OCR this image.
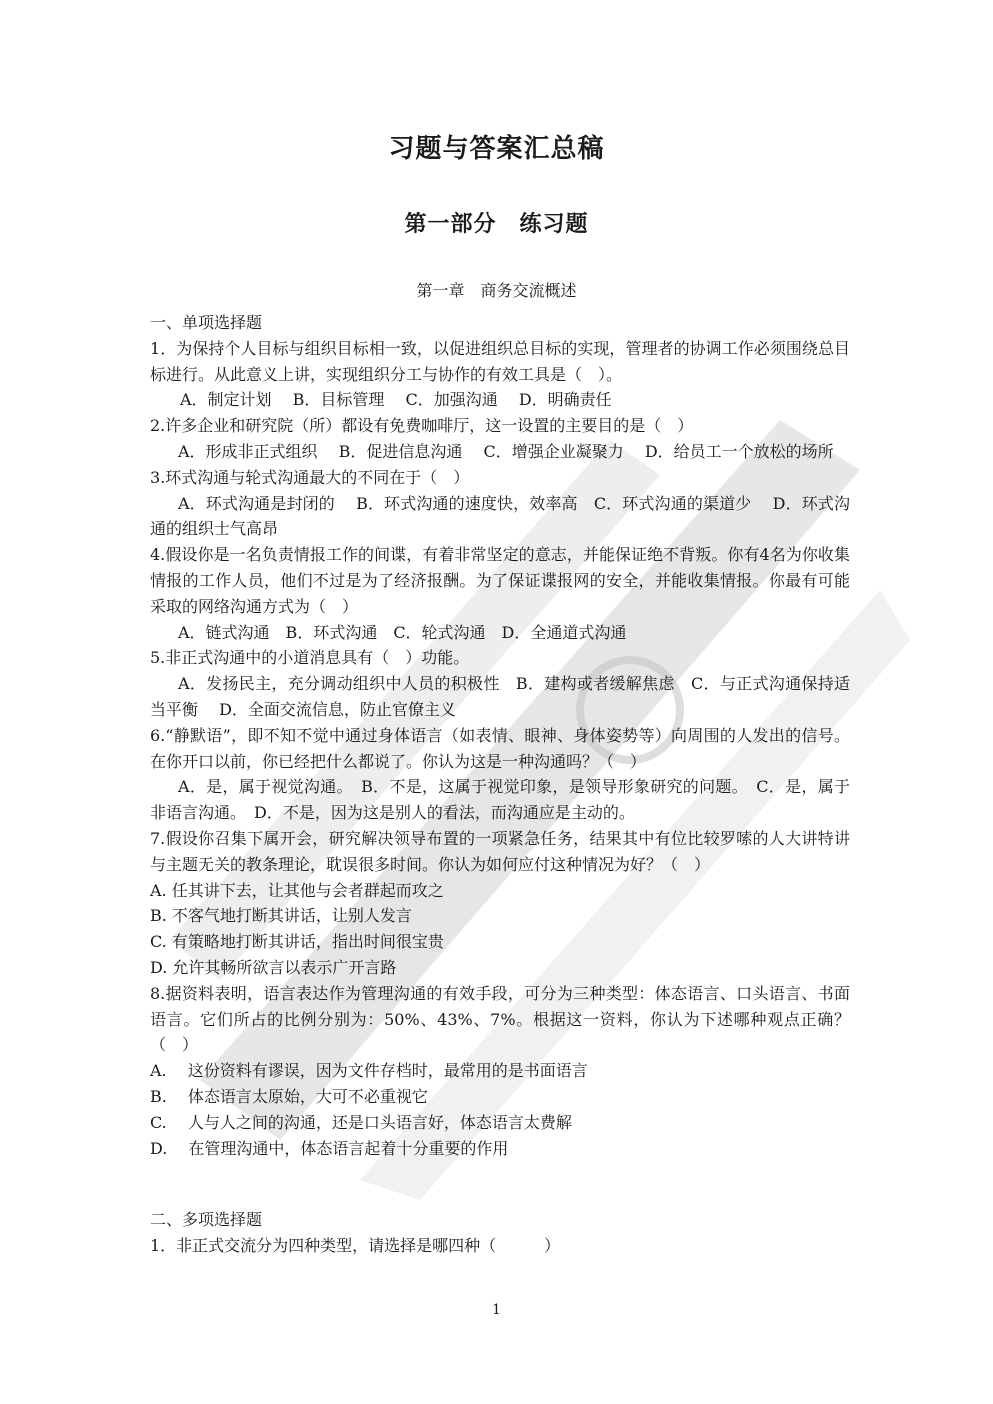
习题与答案汇总稿
第一部分　练习题
第一章　商务交流概述

一、单项选择题

1．为保持个人目标与组织目标相一致，以促进组织总目标的实现，管理者的协调工作必须围绕总目标进行。从此意义上讲，实现组织分工与协作的有效工具是（　）。

A．制定计划　 B．目标管理　 C．加强沟通　 D．明确责任

2.许多企业和研究院（所）都设有免费咖啡厅，这一设置的主要目的是（　）

A．形成非正式组织　 B．促进信息沟通　 C．增强企业凝聚力　 D．给员工一个放松的场所

3.环式沟通与轮式沟通最大的不同在于（　）

A．环式沟通是封闭的　 B．环式沟通的速度快，效率高　C．环式沟通的渠道少　 D．环式沟通的组织士气高昂

4.假设你是一名负责情报工作的间谍，有着非常坚定的意志，并能保证绝不背叛。你有4名为你收集情报的工作人员，他们不过是为了经济报酬。为了保证谍报网的安全，并能收集情报。你最有可能采取的网络沟通方式为（　）

A．链式沟通　B．环式沟通　C．轮式沟通　D．全通道式沟通

5.非正式沟通中的小道消息具有（　）功能。

A．发扬民主，充分调动组织中人员的积极性　B．建构或者缓解焦虑　C．与正式沟通保持适当平衡　 D．全面交流信息，防止官僚主义

6.“静默语”，即不知不觉中通过身体语言（如表情、眼神、身体姿势等）向周围的人发出的信号。在你开口以前，你已经把什么都说了。你认为这是一种沟通吗？（　）

A．是，属于视觉沟通。　B．不是，这属于视觉印象，是领导形象研究的问题。　C．是，属于非语言沟通。　D．不是，因为这是别人的看法，而沟通应是主动的。

7.假设你召集下属开会，研究解决领导布置的一项紧急任务，结果其中有位比较罗嗦的人大讲特讲与主题无关的教条理论，耽误很多时间。你认为如何应付这种情况为好？（　）

A. 任其讲下去，让其他与会者群起而攻之

B. 不客气地打断其讲话，让别人发言

C. 有策略地打断其讲话，指出时间很宝贵

D. 允许其畅所欲言以表示广开言路

8.据资料表明，语言表达作为管理沟通的有效手段，可分为三种类型：体态语言、口头语言、书面语言。它们所占的比例分别为：50%、43%、7%。根据这一资料，你认为下述哪种观点正确？（　）

A.　 这份资料有谬误，因为文件存档时，最常用的是书面语言

B.　 体态语言太原始，大可不必重视它

C.　 人与人之间的沟通，还是口头语言好，体态语言太费解

D.　 在管理沟通中，体态语言起着十分重要的作用

二、多项选择题

1．非正式交流分为四种类型，请选择是哪四种（　　　）

1
